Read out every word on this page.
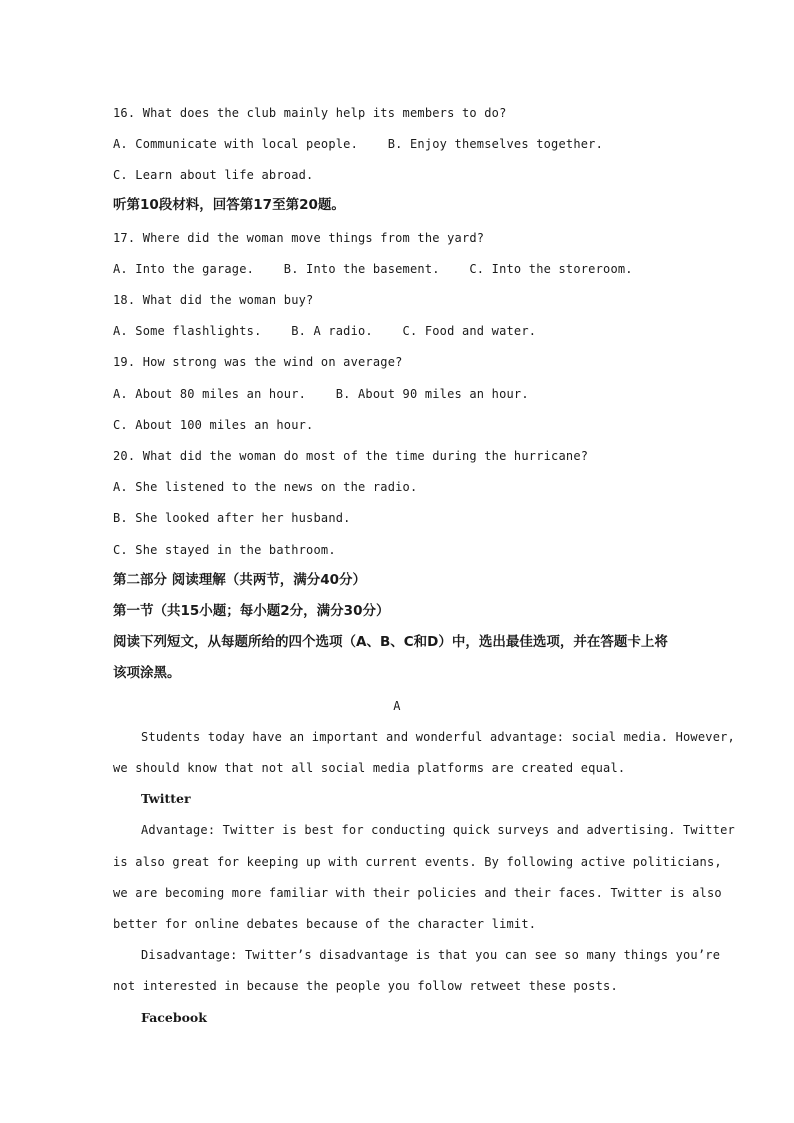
16. What does the club mainly help its members to do?
A. Communicate with local people.    B. Enjoy themselves together.
C. Learn about life abroad.
听第10段材料，回答第17至第20题。
17. Where did the woman move things from the yard?
A. Into the garage.    B. Into the basement.    C. Into the storeroom.
18. What did the woman buy?
A. Some flashlights.    B. A radio.    C. Food and water.
19. How strong was the wind on average?
A. About 80 miles an hour.    B. About 90 miles an hour.
C. About 100 miles an hour.
20. What did the woman do most of the time during the hurricane?
A. She listened to the news on the radio.
B. She looked after her husband.
C. She stayed in the bathroom.
第二部分 阅读理解（共两节，满分40分）
第一节（共15小题；每小题2分，满分30分）
阅读下列短文，从每题所给的四个选项（A、B、C和D）中，选出最佳选项，并在答题卡上将
该项涂黑。
A
Students today have an important and wonderful advantage: social media. However,
we should know that not all social media platforms are created equal.
Twitter
Advantage: Twitter is best for conducting quick surveys and advertising. Twitter
is also great for keeping up with current events. By following active politicians,
we are becoming more familiar with their policies and their faces. Twitter is also
better for online debates because of the character limit.
Disadvantage: Twitter’s disadvantage is that you can see so many things you’re
not interested in because the people you follow retweet these posts.
Facebook
